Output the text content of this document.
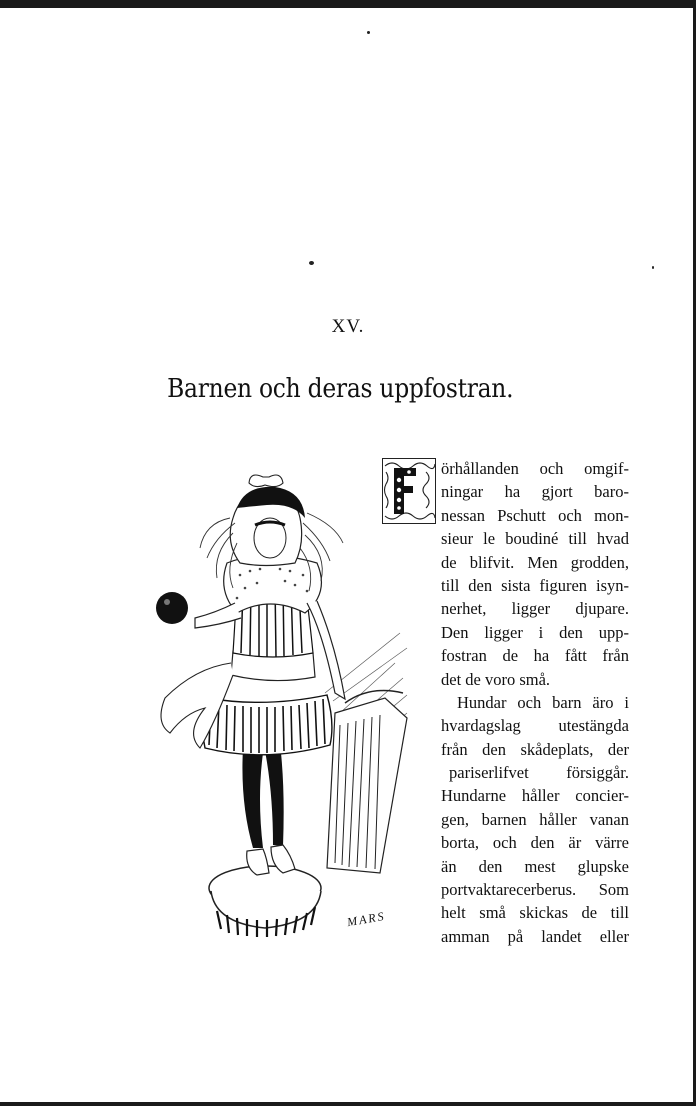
XV.
Barnen och deras uppfostran.
MARS
F
örhållanden och omgif-
ningar ha gjort baro-
nessan Pschutt och mon-
sieur le boudiné till hvad
de blifvit. Men grodden,
till den sista figuren isyn-
nerhet, ligger djupare.
Den ligger i den upp-
fostran de ha fått från
det de voro små.
Hundar och barn äro i
hvardagslag utestängda
från den skådeplats, der
pariserlifvet försiggår.
Hundarne håller concier-
gen, barnen håller vanan
borta, och den är värre
än den mest glupske
portvaktarecerberus. Som
helt små skickas de till
amman på landet eller
